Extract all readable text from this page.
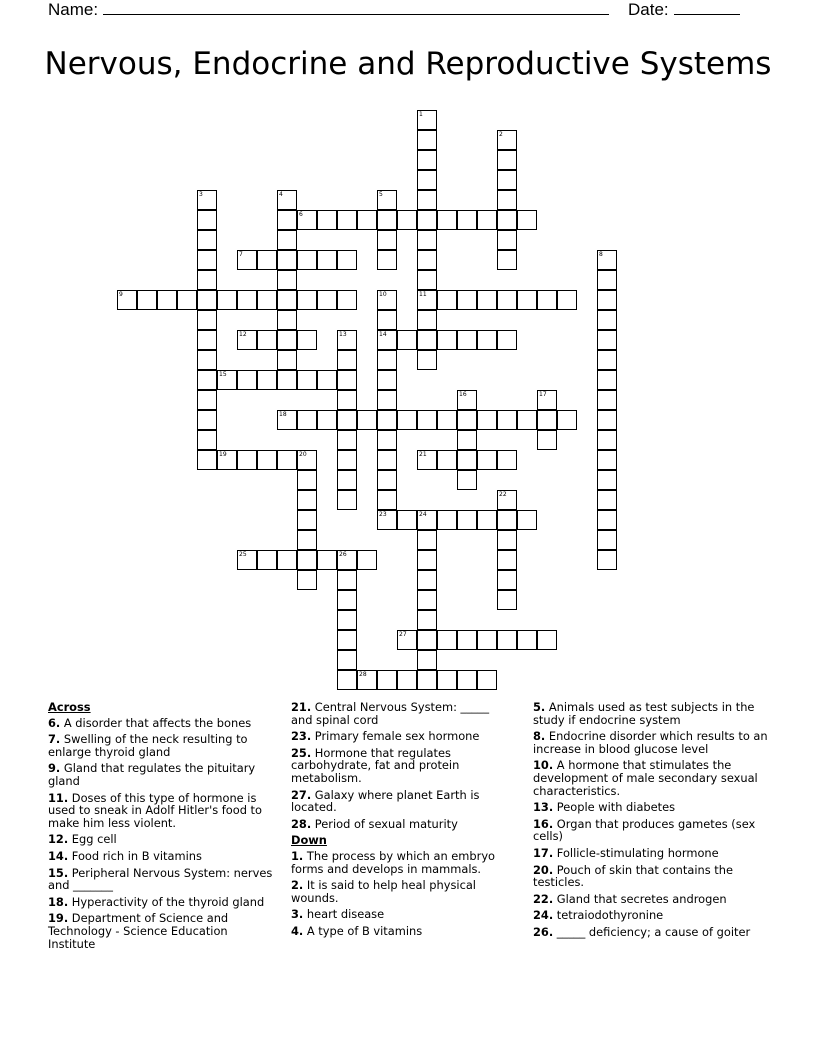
Name:	Date:
Nervous, Endocrine and Reproductive Systems
1
2
3	4	5
6
7	8
9	10	11
12	13	14
15
16	17
18
19	20	21
22
23	24
25	26
27
28
Across
6. A disorder that affects the bones
7. Swelling of the neck resulting to enlarge thyroid gland
9. Gland that regulates the pituitary gland
11. Doses of this type of hormone is used to sneak in Adolf Hitler's food to make him less violent.
12. Egg cell
14. Food rich in B vitamins
15. Peripheral Nervous System: nerves and _______
18. Hyperactivity of the thyroid gland
19. Department of Science and Technology - Science Education Institute
21. Central Nervous System: _____ and spinal cord
23. Primary female sex hormone
25. Hormone that regulates carbohydrate, fat and protein metabolism.
27. Galaxy where planet Earth is located.
28. Period of sexual maturity
Down
1. The process by which an embryo forms and develops in mammals.
2. It is said to help heal physical wounds.
3. heart disease
4. A type of B vitamins
5. Animals used as test subjects in the study if endocrine system
8. Endocrine disorder which results to an increase in blood glucose level
10. A hormone that stimulates the development of male secondary sexual characteristics.
13. People with diabetes
16. Organ that produces gametes (sex cells)
17. Follicle-stimulating hormone
20. Pouch of skin that contains the testicles.
22. Gland that secretes androgen
24. tetraiodothyronine
26. _____ deficiency; a cause of goiter
